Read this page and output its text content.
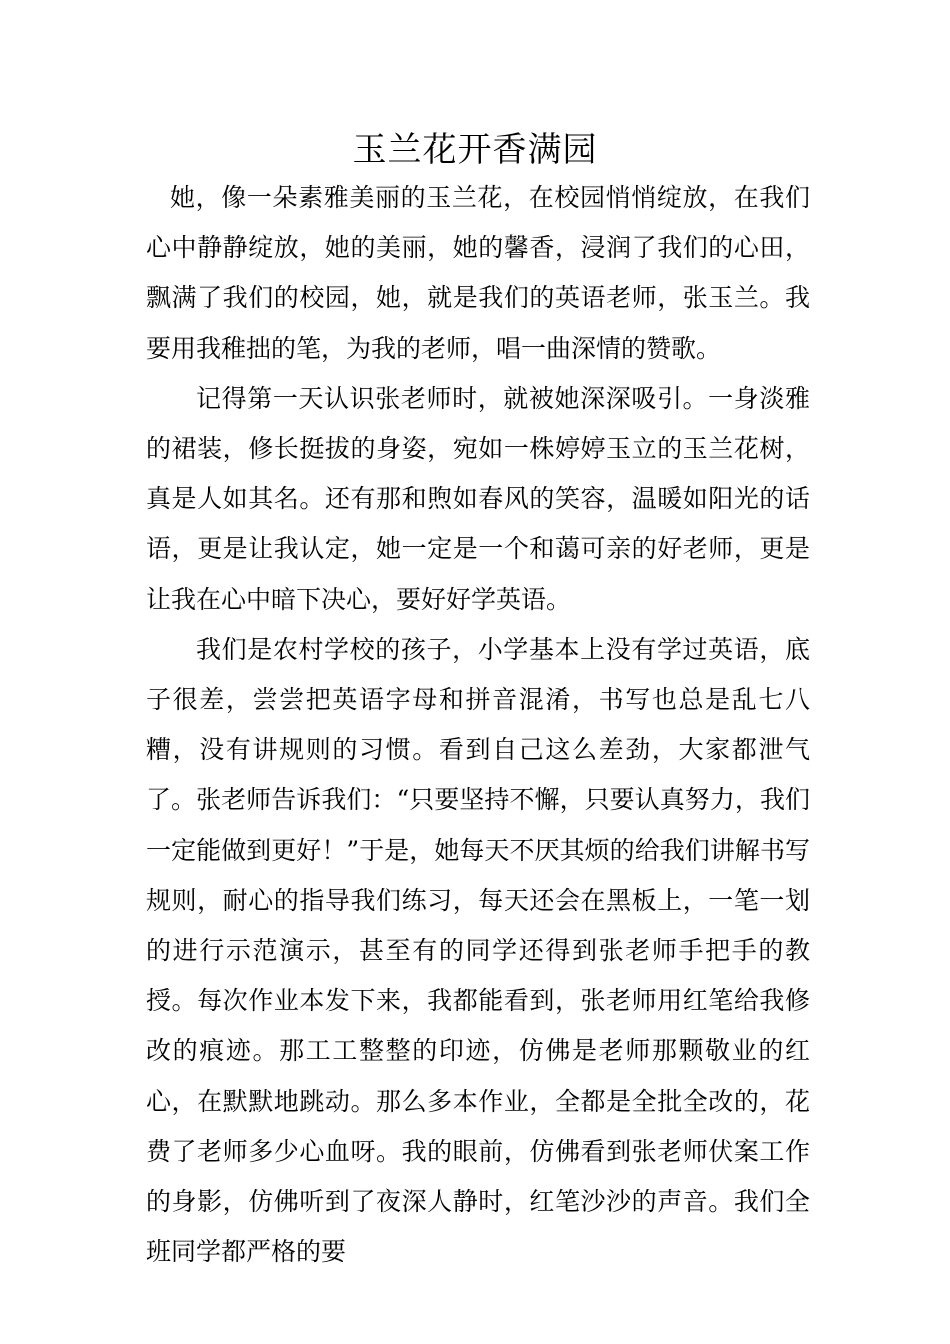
玉兰花开香满园

她，像一朵素雅美丽的玉兰花，在校园悄悄绽放，在我们心中静静绽放，她的美丽，她的馨香，浸润了我们的心田，飘满了我们的校园，她，就是我们的英语老师，张玉兰。我要用我稚拙的笔，为我的老师，唱一曲深情的赞歌。

记得第一天认识张老师时，就被她深深吸引。一身淡雅的裙装，修长挺拔的身姿，宛如一株婷婷玉立的玉兰花树，真是人如其名。还有那和煦如春风的笑容，温暖如阳光的话语，更是让我认定，她一定是一个和蔼可亲的好老师，更是让我在心中暗下决心，要好好学英语。

我们是农村学校的孩子，小学基本上没有学过英语，底子很差，尝尝把英语字母和拼音混淆，书写也总是乱七八糟，没有讲规则的习惯。看到自己这么差劲，大家都泄气了。张老师告诉我们：“只要坚持不懈，只要认真努力，我们一定能做到更好！”于是，她每天不厌其烦的给我们讲解书写规则，耐心的指导我们练习，每天还会在黑板上，一笔一划的进行示范演示，甚至有的同学还得到张老师手把手的教授。每次作业本发下来，我都能看到，张老师用红笔给我修改的痕迹。那工工整整的印迹，仿佛是老师那颗敬业的红心，在默默地跳动。那么多本作业，全都是全批全改的，花费了老师多少心血呀。我的眼前，仿佛看到张老师伏案工作的身影，仿佛听到了夜深人静时，红笔沙沙的声音。我们全班同学都严格的要
